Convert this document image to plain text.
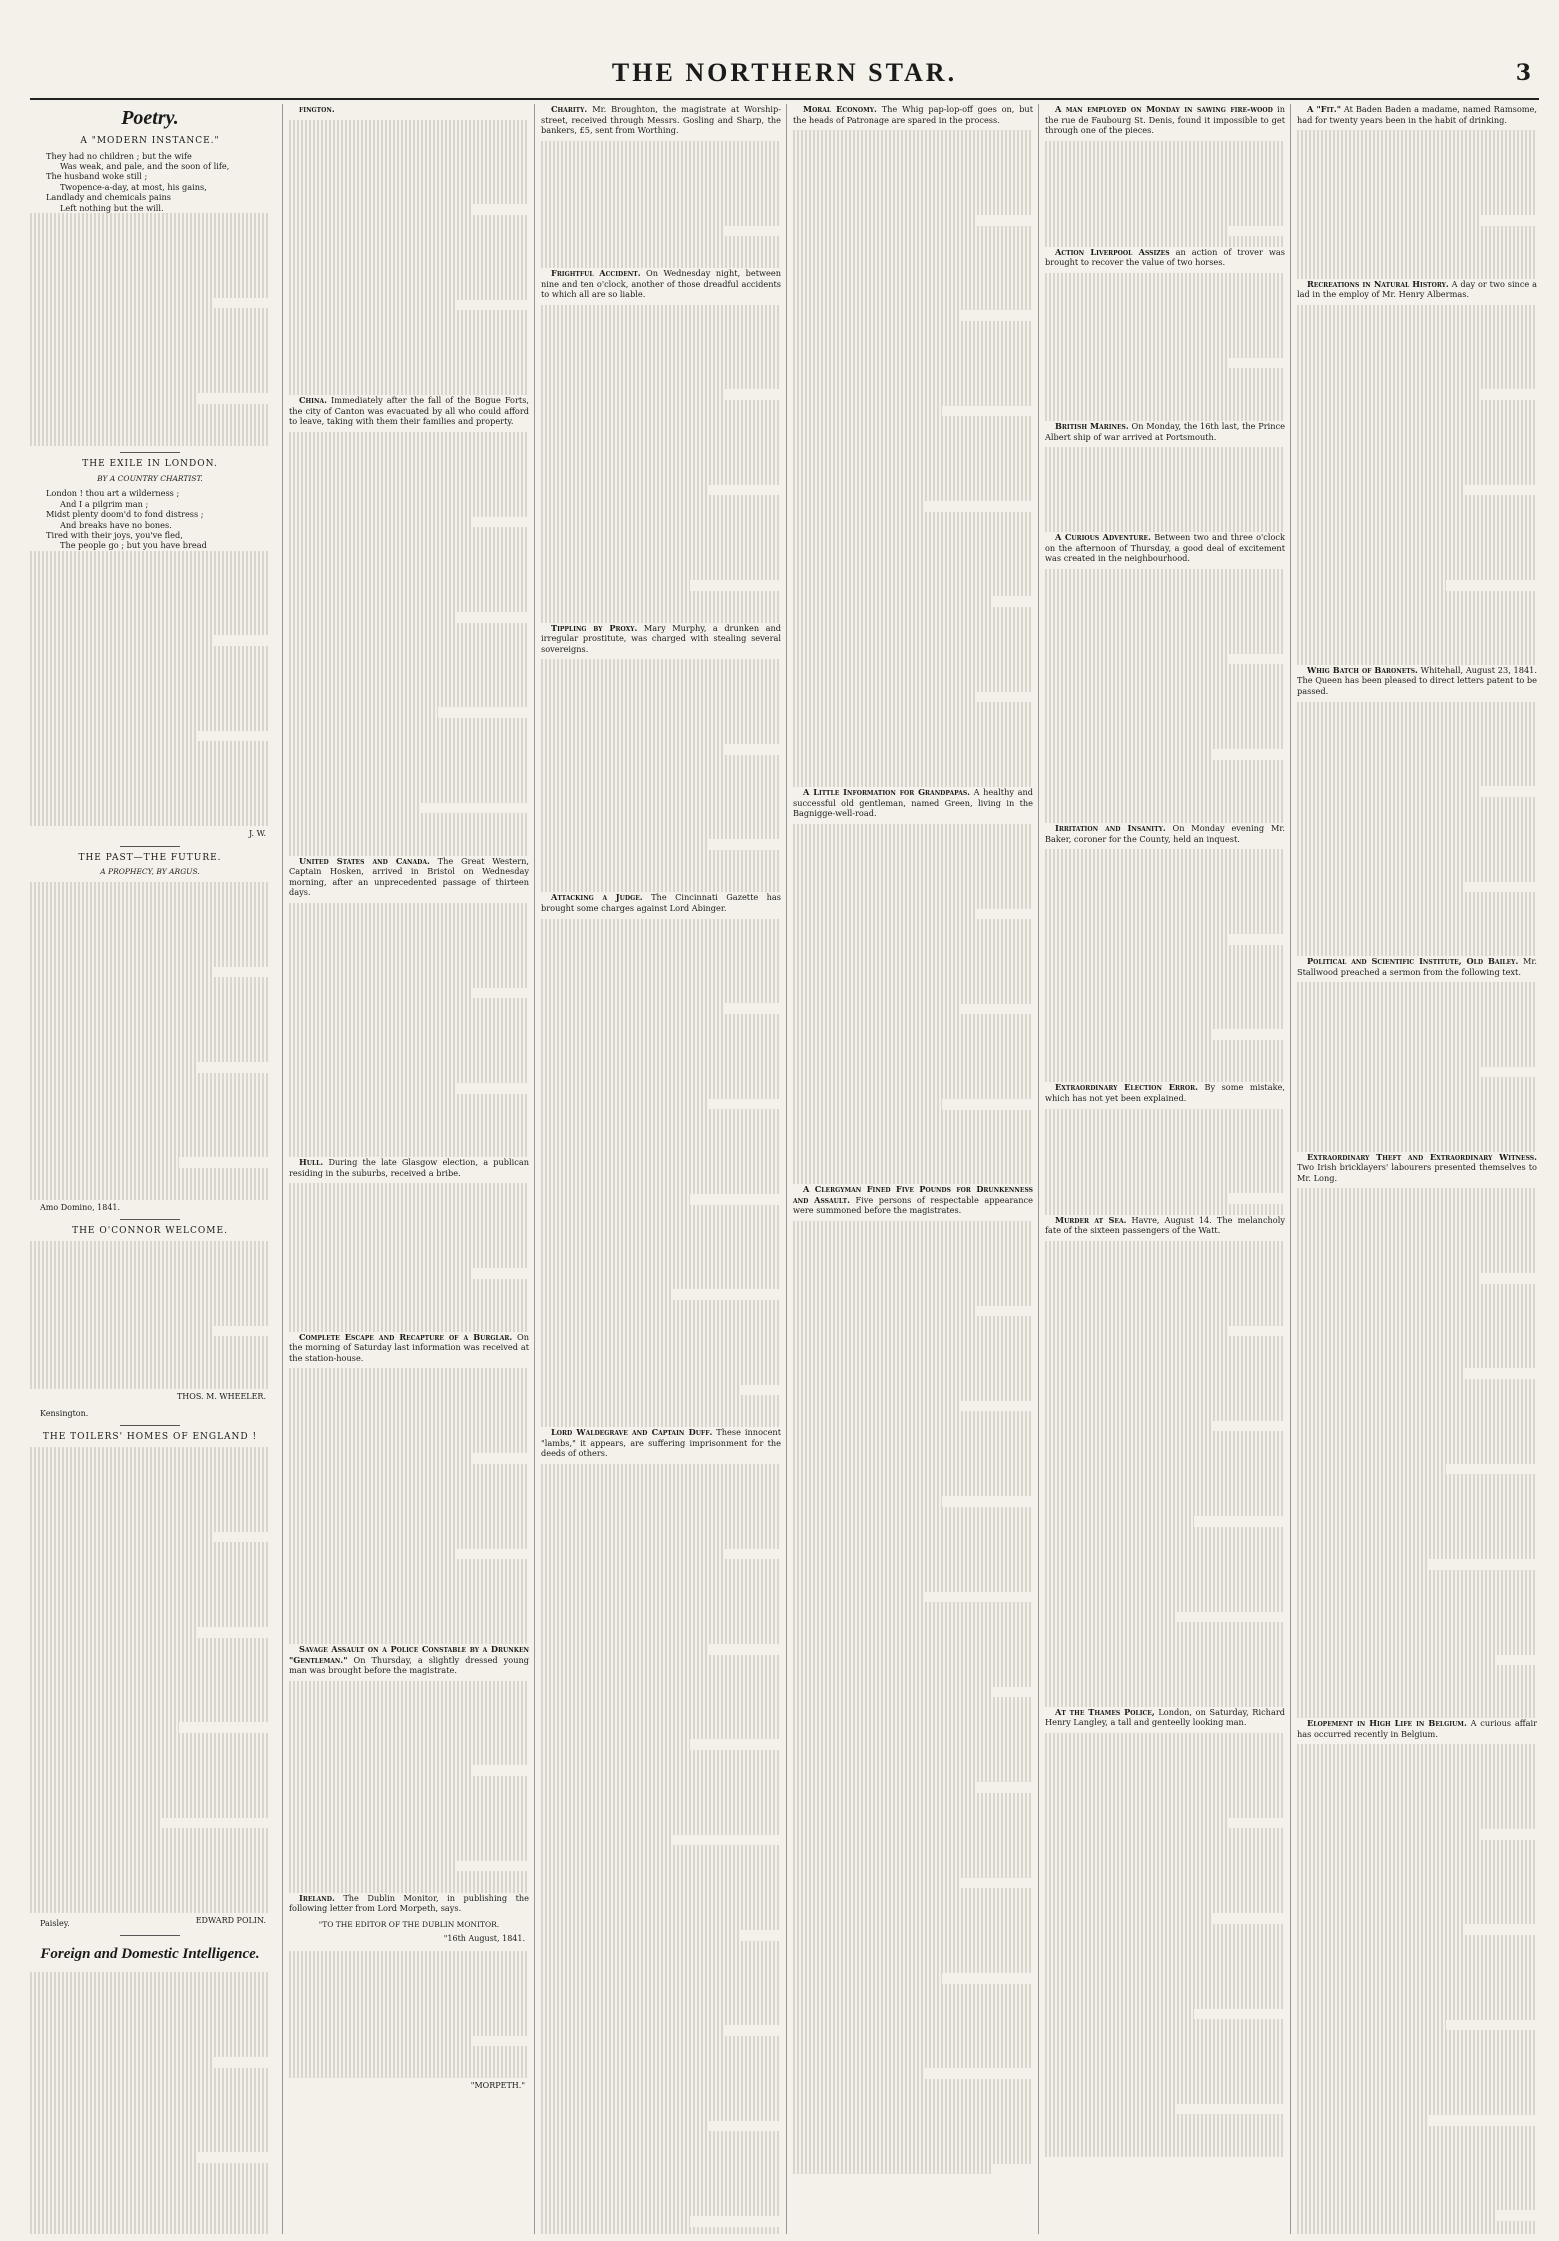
THE NORTHERN STAR.	3
Poetry.
A "MODERN INSTANCE."
They had no children ; but the wife
Was weak, and pale, and the soon of life,
The husband woke still ;
Twopence-a-day, at most, his gains,
Landlady and chemicals pains
Left nothing but the will.
THE EXILE IN LONDON.
BY A COUNTRY CHARTIST.
London ! thou art a wilderness ;
And I a pilgrim man ;
Midst plenty doom'd to fond distress ;
And breaks have no bones.
Tired with their joys, you've fled,
The people go ; but you have bread
J. W.
THE PAST—THE FUTURE.
A PROPHECY, BY ARGUS.
Amo Domino, 1841.
THE O'CONNOR WELCOME.
THOS. M. WHEELER.
Kensington.
THE TOILERS' HOMES OF ENGLAND !
EDWARD POLIN.
Paisley.
Foreign and Domestic Intelligence.
fington.
China. Immediately after the fall of the Bogue Forts, the city of Canton was evacuated by all who could afford to leave, taking with them their families and property.
United States and Canada. The Great Western, Captain Hosken, arrived in Bristol on Wednesday morning, after an unprecedented passage of thirteen days.
Hull. During the late Glasgow election, a publican residing in the suburbs, received a bribe.
Complete Escape and Recapture of a Burglar. On the morning of Saturday last information was received at the station-house.
Savage Assault on a Police Constable by a Drunken "Gentleman." On Thursday, a slightly dressed young man was brought before the magistrate.
Ireland. The Dublin Monitor, in publishing the following letter from Lord Morpeth, says.
"TO THE EDITOR OF THE DUBLIN MONITOR.
"16th August, 1841.
"MORPETH."
Charity. Mr. Broughton, the magistrate at Worship-street, received through Messrs. Gosling and Sharp, the bankers, £5, sent from Worthing.
Frightful Accident. On Wednesday night, between nine and ten o'clock, another of those dreadful accidents to which all are so liable.
Tippling by Proxy. Mary Murphy, a drunken and irregular prostitute, was charged with stealing several sovereigns.
Attacking a Judge. The Cincinnati Gazette has brought some charges against Lord Abinger.
Lord Waldegrave and Captain Duff. These innocent "lambs," it appears, are suffering imprisonment for the deeds of others.
Moral Economy. The Whig pap-lop-off goes on, but the heads of Patronage are spared in the process.
A Little Information for Grandpapas. A healthy and successful old gentleman, named Green, living in the Bagnigge-well-road.
A Clergyman Fined Five Pounds for Drunkenness and Assault. Five persons of respectable appearance were summoned before the magistrates.
A man employed on Monday in sawing fire-wood in the rue de Faubourg St. Denis, found it impossible to get through one of the pieces.
Action Liverpool Assizes an action of trover was brought to recover the value of two horses.
British Marines. On Monday, the 16th last, the Prince Albert ship of war arrived at Portsmouth.
A Curious Adventure. Between two and three o'clock on the afternoon of Thursday, a good deal of excitement was created in the neighbourhood.
Irritation and Insanity. On Monday evening Mr. Baker, coroner for the County, held an inquest.
Extraordinary Election Error. By some mistake, which has not yet been explained.
Murder at Sea. Havre, August 14. The melancholy fate of the sixteen passengers of the Watt.
At the Thames Police, London, on Saturday, Richard Henry Langley, a tall and genteelly looking man.
A "Fit." At Baden Baden a madame, named Ramsome, had for twenty years been in the habit of drinking.
Recreations in Natural History. A day or two since a lad in the employ of Mr. Henry Albermas.
Whig Batch of Baronets. Whitehall, August 23, 1841. The Queen has been pleased to direct letters patent to be passed.
Political and Scientific Institute, Old Bailey. Mr. Stallwood preached a sermon from the following text.
Extraordinary Theft and Extraordinary Witness. Two Irish bricklayers' labourers presented themselves to Mr. Long.
Elopement in High Life in Belgium. A curious affair has occurred recently in Belgium.
